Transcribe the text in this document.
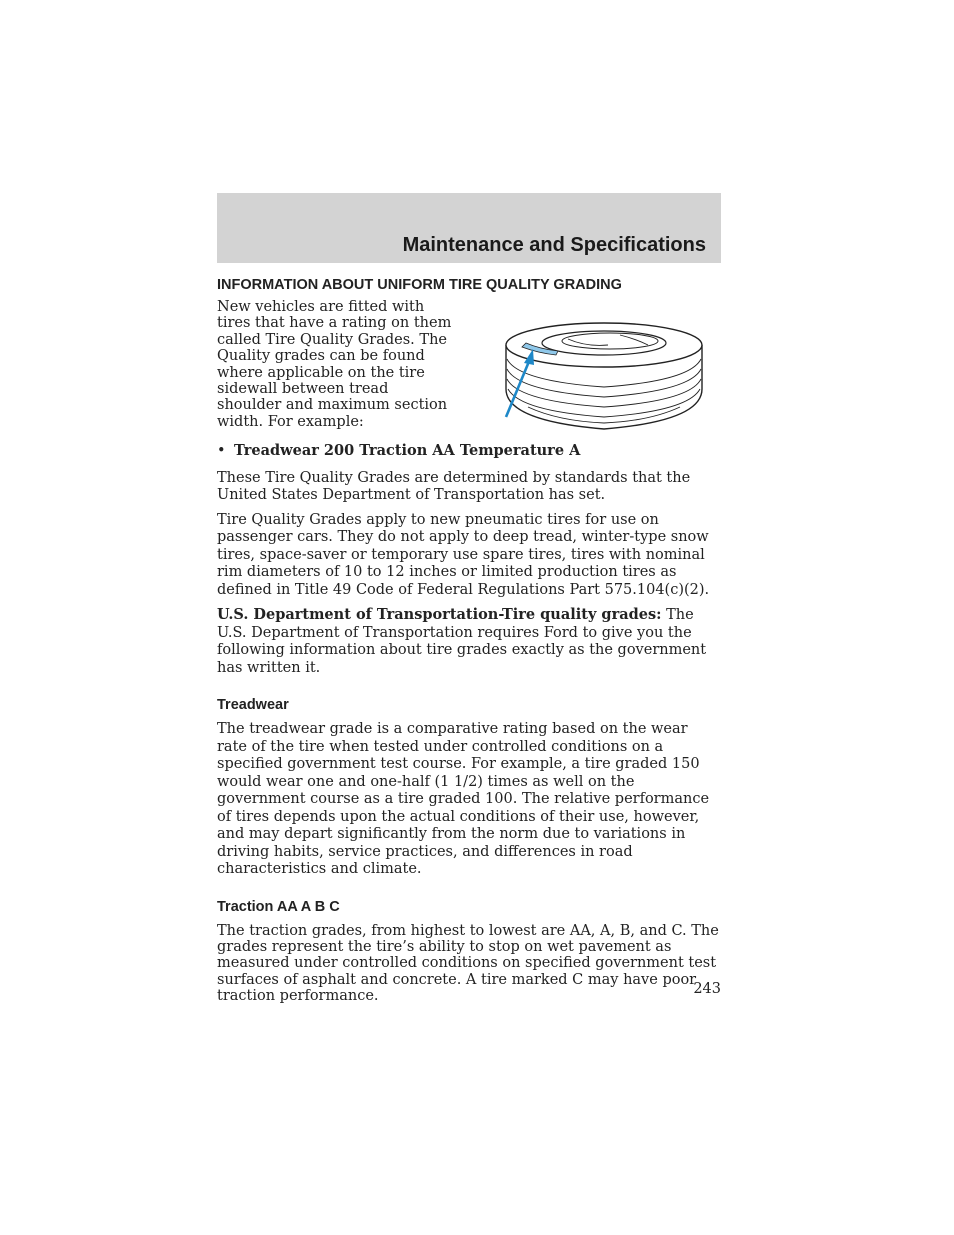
Maintenance and Specifications
INFORMATION ABOUT UNIFORM TIRE QUALITY GRADING

New vehicles are fitted with tires that have a rating on them called Tire Quality Grades. The Quality grades can be found where applicable on the tire sidewall between tread shoulder and maximum section width. For example:

• Treadwear 200 Traction AA Temperature A

These Tire Quality Grades are determined by standards that the United States Department of Transportation has set.

Tire Quality Grades apply to new pneumatic tires for use on passenger cars. They do not apply to deep tread, winter-type snow tires, space-saver or temporary use spare tires, tires with nominal rim diameters of 10 to 12 inches or limited production tires as defined in Title 49 Code of Federal Regulations Part 575.104(c)(2).

U.S. Department of Transportation-Tire quality grades: The U.S. Department of Transportation requires Ford to give you the following information about tire grades exactly as the government has written it.

Treadwear

The treadwear grade is a comparative rating based on the wear rate of the tire when tested under controlled conditions on a specified government test course. For example, a tire graded 150 would wear one and one-half (1 1/2) times as well on the government course as a tire graded 100. The relative performance of tires depends upon the actual conditions of their use, however, and may depart significantly from the norm due to variations in driving habits, service practices, and differences in road characteristics and climate.

Traction AA A B C

The traction grades, from highest to lowest are AA, A, B, and C. The grades represent the tire’s ability to stop on wet pavement as measured under controlled conditions on specified government test surfaces of asphalt and concrete. A tire marked C may have poor traction performance.	243
